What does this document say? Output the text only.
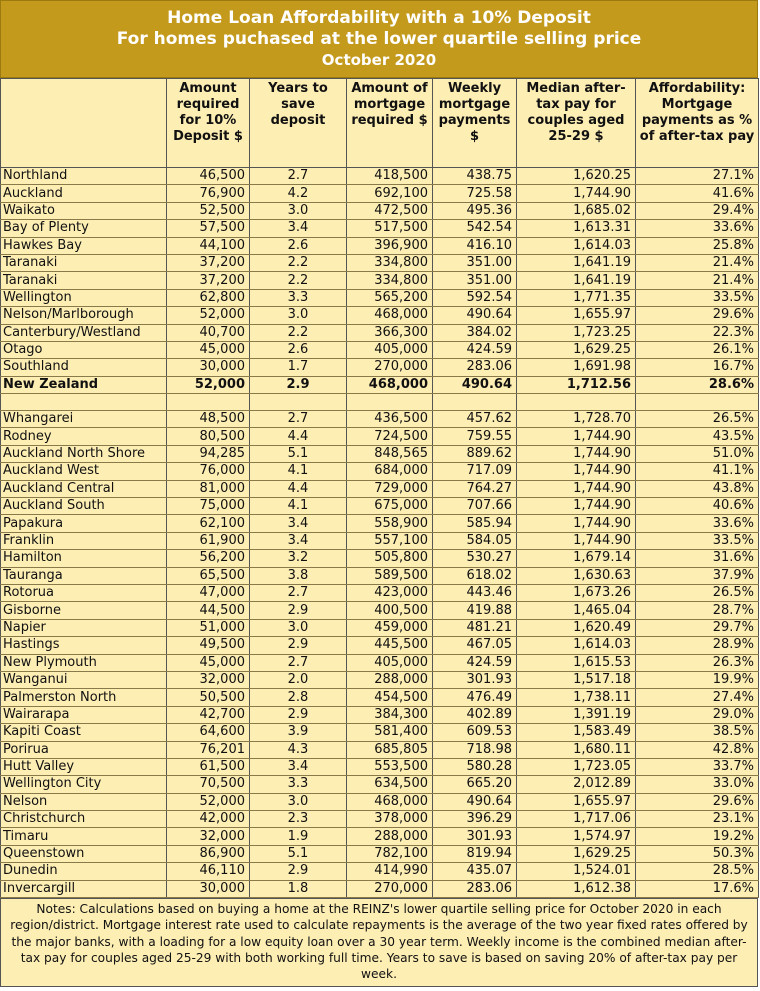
Home Loan Affordability with a 10% Deposit
For homes puchased at the lower quartile selling price
October 2020
	Amount required for 10% Deposit $	Years to save deposit	Amount of mortgage required $	Weekly mortgage payments $	Median after-tax pay for couples aged 25-29 $	Affordability: Mortgage payments as % of after-tax pay
Northland	46,500	2.7	418,500	438.75	1,620.25	27.1%
Auckland	76,900	4.2	692,100	725.58	1,744.90	41.6%
Waikato	52,500	3.0	472,500	495.36	1,685.02	29.4%
Bay of Plenty	57,500	3.4	517,500	542.54	1,613.31	33.6%
Hawkes Bay	44,100	2.6	396,900	416.10	1,614.03	25.8%
Taranaki	37,200	2.2	334,800	351.00	1,641.19	21.4%
Taranaki	37,200	2.2	334,800	351.00	1,641.19	21.4%
Wellington	62,800	3.3	565,200	592.54	1,771.35	33.5%
Nelson/Marlborough	52,000	3.0	468,000	490.64	1,655.97	29.6%
Canterbury/Westland	40,700	2.2	366,300	384.02	1,723.25	22.3%
Otago	45,000	2.6	405,000	424.59	1,629.25	26.1%
Southland	30,000	1.7	270,000	283.06	1,691.98	16.7%
New Zealand	52,000	2.9	468,000	490.64	1,712.56	28.6%

Whangarei	48,500	2.7	436,500	457.62	1,728.70	26.5%
Rodney	80,500	4.4	724,500	759.55	1,744.90	43.5%
Auckland North Shore	94,285	5.1	848,565	889.62	1,744.90	51.0%
Auckland West	76,000	4.1	684,000	717.09	1,744.90	41.1%
Auckland Central	81,000	4.4	729,000	764.27	1,744.90	43.8%
Auckland South	75,000	4.1	675,000	707.66	1,744.90	40.6%
Papakura	62,100	3.4	558,900	585.94	1,744.90	33.6%
Franklin	61,900	3.4	557,100	584.05	1,744.90	33.5%
Hamilton	56,200	3.2	505,800	530.27	1,679.14	31.6%
Tauranga	65,500	3.8	589,500	618.02	1,630.63	37.9%
Rotorua	47,000	2.7	423,000	443.46	1,673.26	26.5%
Gisborne	44,500	2.9	400,500	419.88	1,465.04	28.7%
Napier	51,000	3.0	459,000	481.21	1,620.49	29.7%
Hastings	49,500	2.9	445,500	467.05	1,614.03	28.9%
New Plymouth	45,000	2.7	405,000	424.59	1,615.53	26.3%
Wanganui	32,000	2.0	288,000	301.93	1,517.18	19.9%
Palmerston North	50,500	2.8	454,500	476.49	1,738.11	27.4%
Wairarapa	42,700	2.9	384,300	402.89	1,391.19	29.0%
Kapiti Coast	64,600	3.9	581,400	609.53	1,583.49	38.5%
Porirua	76,201	4.3	685,805	718.98	1,680.11	42.8%
Hutt Valley	61,500	3.4	553,500	580.28	1,723.05	33.7%
Wellington City	70,500	3.3	634,500	665.20	2,012.89	33.0%
Nelson	52,000	3.0	468,000	490.64	1,655.97	29.6%
Christchurch	42,000	2.3	378,000	396.29	1,717.06	23.1%
Timaru	32,000	1.9	288,000	301.93	1,574.97	19.2%
Queenstown	86,900	5.1	782,100	819.94	1,629.25	50.3%
Dunedin	46,110	2.9	414,990	435.07	1,524.01	28.5%
Invercargill	30,000	1.8	270,000	283.06	1,612.38	17.6%
Notes: Calculations based on buying a home at the REINZ's lower quartile selling price for October 2020 in each region/district. Mortgage interest rate used to calculate repayments is the average of the two year fixed rates offered by the major banks, with a loading for a low equity loan over a 30 year term. Weekly income is the combined median after-tax pay for couples aged 25-29 with both working full time. Years to save is based on saving 20% of after-tax pay per week.
